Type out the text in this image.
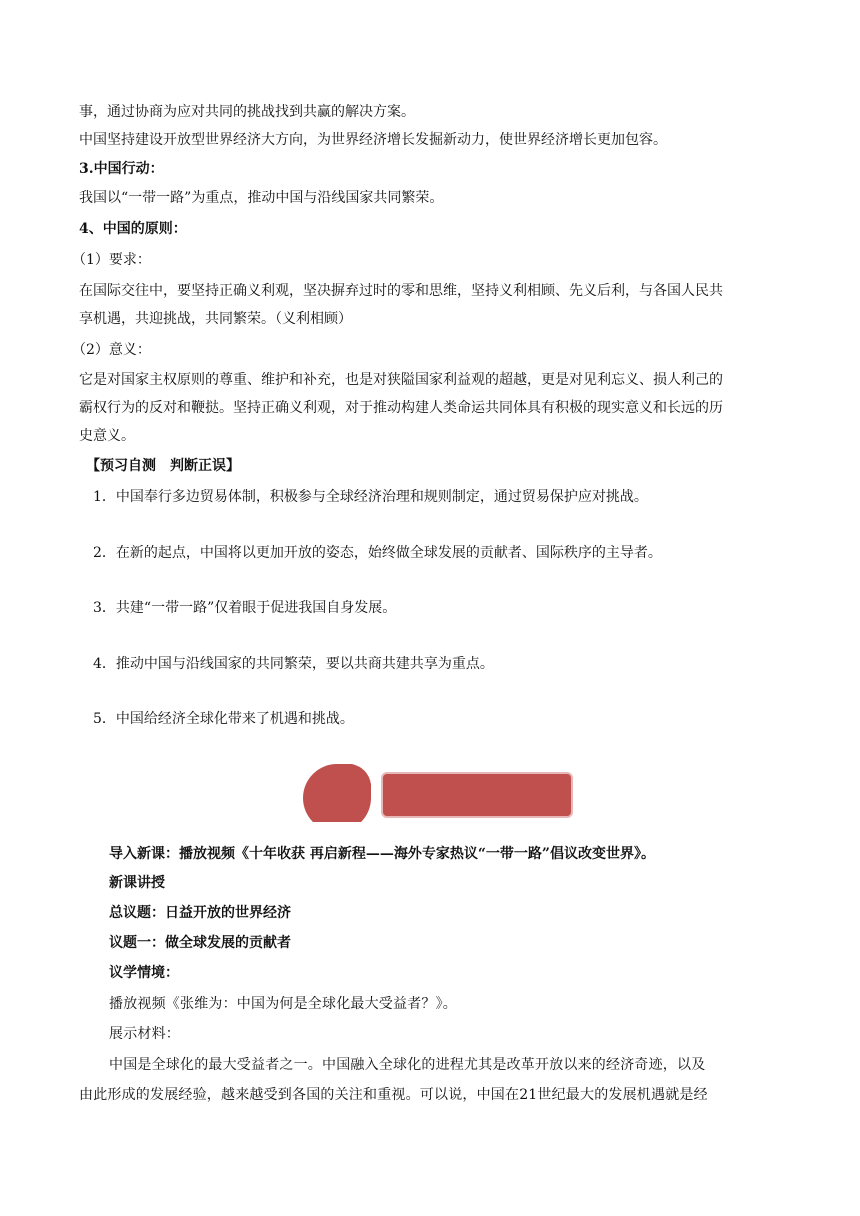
事，通过协商为应对共同的挑战找到共赢的解决方案。
中国坚持建设开放型世界经济大方向，为世界经济增长发掘新动力，使世界经济增长更加包容。
3.中国行动：
我国以“一带一路”为重点，推动中国与沿线国家共同繁荣。
4、中国的原则：
（1）要求：
在国际交往中，要坚持正确义利观，坚决摒弃过时的零和思维，坚持义利相顾、先义后利，与各国人民共
享机遇，共迎挑战，共同繁荣。（义利相顾）
（2）意义：
它是对国家主权原则的尊重、维护和补充，也是对狭隘国家利益观的超越，更是对见利忘义、损人利己的
霸权行为的反对和鞭挞。坚持正确义利观，对于推动构建人类命运共同体具有积极的现实意义和长远的历
史意义。
【预习自测　判断正误】
1．中国奉行多边贸易体制，积极参与全球经济治理和规则制定，通过贸易保护应对挑战。
2．在新的起点，中国将以更加开放的姿态，始终做全球发展的贡献者、国际秩序的主导者。
3．共建“一带一路”仅着眼于促进我国自身发展。
4．推动中国与沿线国家的共同繁荣，要以共商共建共享为重点。
5．中国给经济全球化带来了机遇和挑战。
导入新课：播放视频《十年收获 再启新程——海外专家热议“一带一路”倡议改变世界》。
新课讲授
总议题：日益开放的世界经济
议题一：做全球发展的贡献者
议学情境：
播放视频《张维为：中国为何是全球化最大受益者？》。
展示材料：
中国是全球化的最大受益者之一。中国融入全球化的进程尤其是改革开放以来的经济奇迹，以及
由此形成的发展经验，越来越受到各国的关注和重视。可以说，中国在21世纪最大的发展机遇就是经
